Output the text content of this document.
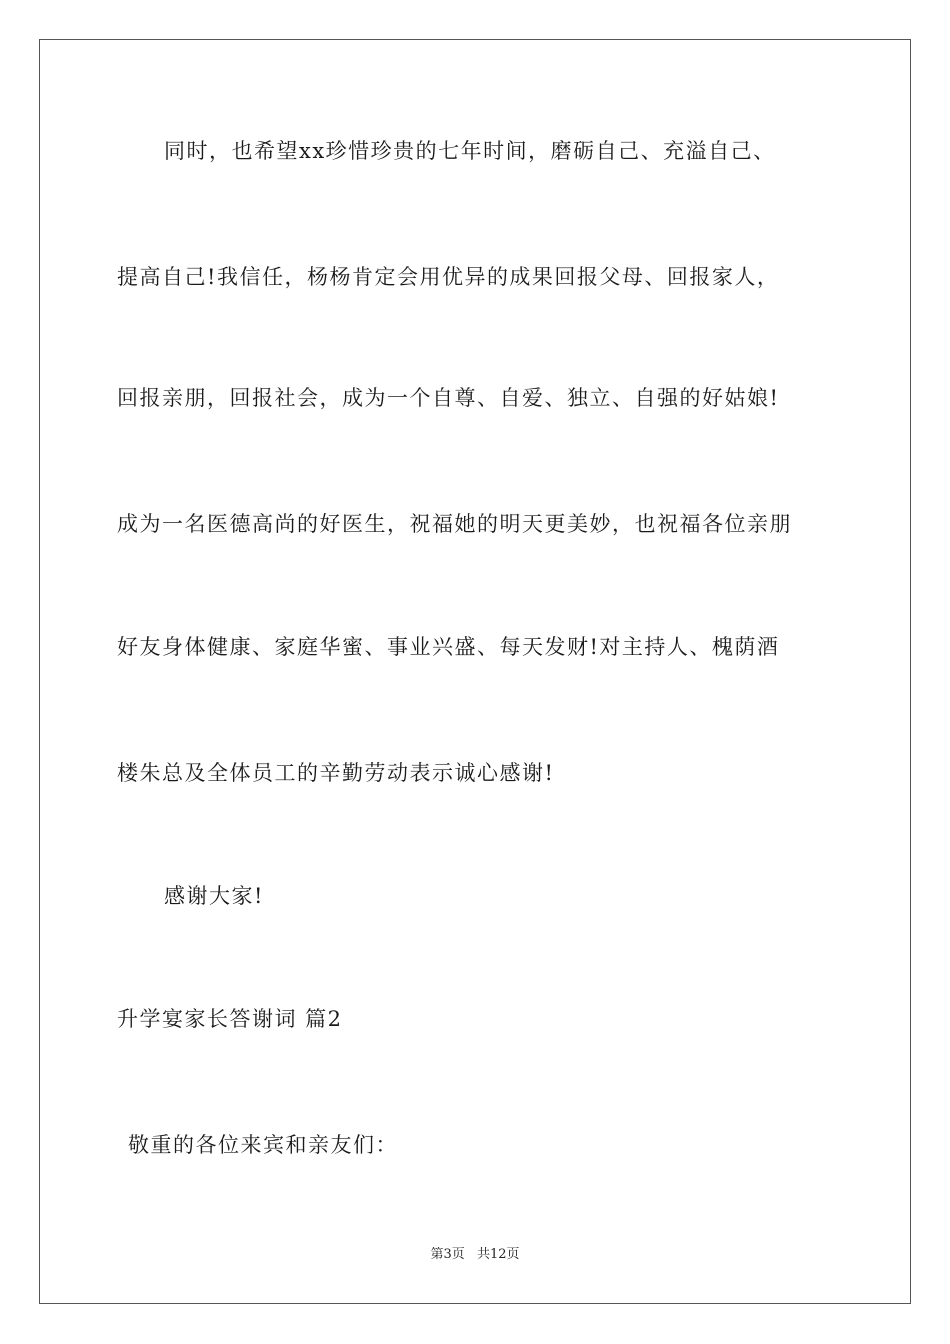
同时，也希望xx珍惜珍贵的七年时间，磨砺自己、充溢自己、
提高自己!我信任，杨杨肯定会用优异的成果回报父母、回报家人，
回报亲朋，回报社会，成为一个自尊、自爱、独立、自强的好姑娘!
成为一名医德高尚的好医生，祝福她的明天更美妙，也祝福各位亲朋
好友身体健康、家庭华蜜、事业兴盛、每天发财!对主持人、槐荫酒
楼朱总及全体员工的辛勤劳动表示诚心感谢!
感谢大家!
升学宴家长答谢词 篇2
敬重的各位来宾和亲友们：
第3页 共12页
